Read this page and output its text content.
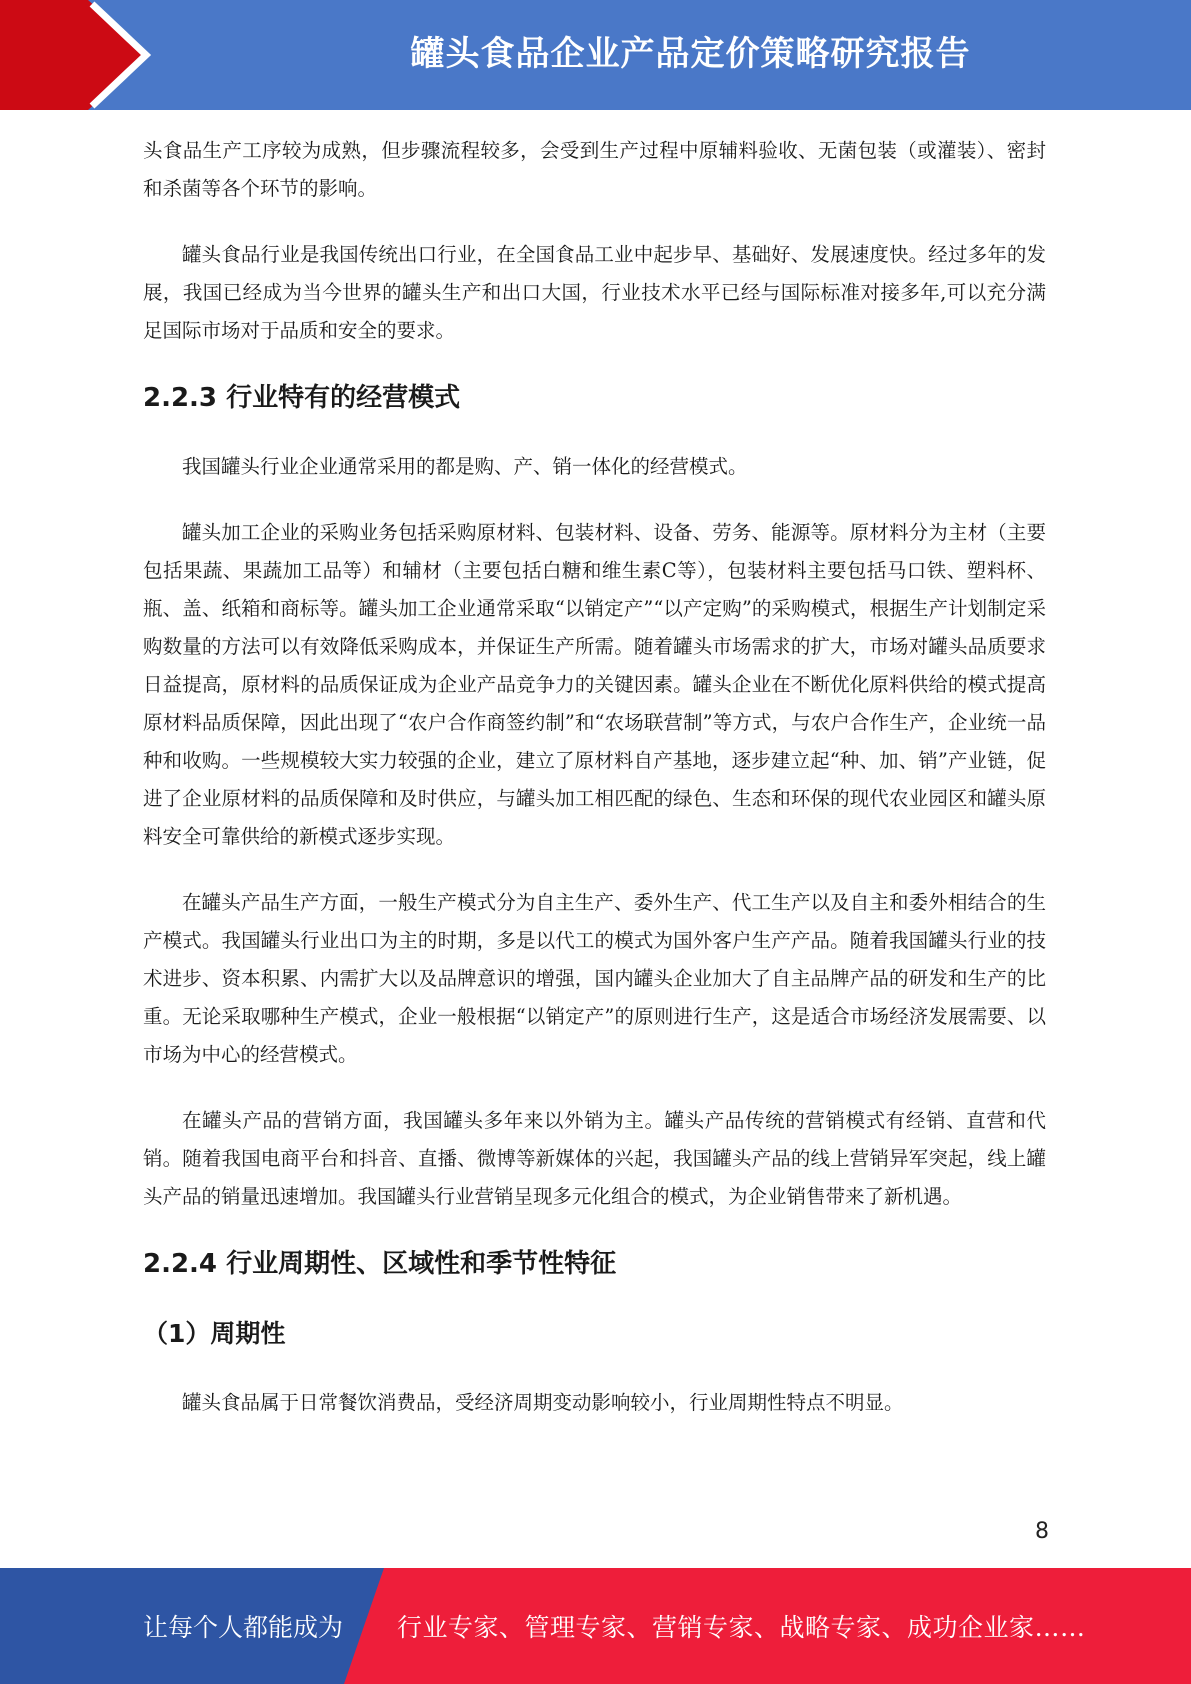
罐头食品企业产品定价策略研究报告

头食品生产工序较为成熟，但步骤流程较多，会受到生产过程中原辅料验收、无菌包装（或灌装）、密封和杀菌等各个环节的影响。

罐头食品行业是我国传统出口行业，在全国食品工业中起步早、基础好、发展速度快。经过多年的发展，我国已经成为当今世界的罐头生产和出口大国，行业技术水平已经与国际标准对接多年,可以充分满足国际市场对于品质和安全的要求。

2.2.3 行业特有的经营模式

我国罐头行业企业通常采用的都是购、产、销一体化的经营模式。

罐头加工企业的采购业务包括采购原材料、包装材料、设备、劳务、能源等。原材料分为主材（主要包括果蔬、果蔬加工品等）和辅材（主要包括白糖和维生素C等），包装材料主要包括马口铁、塑料杯、瓶、盖、纸箱和商标等。罐头加工企业通常采取“以销定产”“以产定购”的采购模式，根据生产计划制定采购数量的方法可以有效降低采购成本，并保证生产所需。随着罐头市场需求的扩大，市场对罐头品质要求日益提高，原材料的品质保证成为企业产品竞争力的关键因素。罐头企业在不断优化原料供给的模式提高原材料品质保障，因此出现了“农户合作商签约制”和“农场联营制”等方式，与农户合作生产，企业统一品种和收购。一些规模较大实力较强的企业，建立了原材料自产基地，逐步建立起“种、加、销”产业链，促进了企业原材料的品质保障和及时供应，与罐头加工相匹配的绿色、生态和环保的现代农业园区和罐头原料安全可靠供给的新模式逐步实现。

在罐头产品生产方面，一般生产模式分为自主生产、委外生产、代工生产以及自主和委外相结合的生产模式。我国罐头行业出口为主的时期，多是以代工的模式为国外客户生产产品。随着我国罐头行业的技术进步、资本积累、内需扩大以及品牌意识的增强，国内罐头企业加大了自主品牌产品的研发和生产的比重。无论采取哪种生产模式，企业一般根据“以销定产”的原则进行生产，这是适合市场经济发展需要、以市场为中心的经营模式。

在罐头产品的营销方面，我国罐头多年来以外销为主。罐头产品传统的营销模式有经销、直营和代销。随着我国电商平台和抖音、直播、微博等新媒体的兴起，我国罐头产品的线上营销异军突起，线上罐头产品的销量迅速增加。我国罐头行业营销呈现多元化组合的模式，为企业销售带来了新机遇。

2.2.4 行业周期性、区域性和季节性特征
（1）周期性

罐头食品属于日常餐饮消费品，受经济周期变动影响较小，行业周期性特点不明显。

8
让每个人都能成为 行业专家、管理专家、营销专家、战略专家、成功企业家……
